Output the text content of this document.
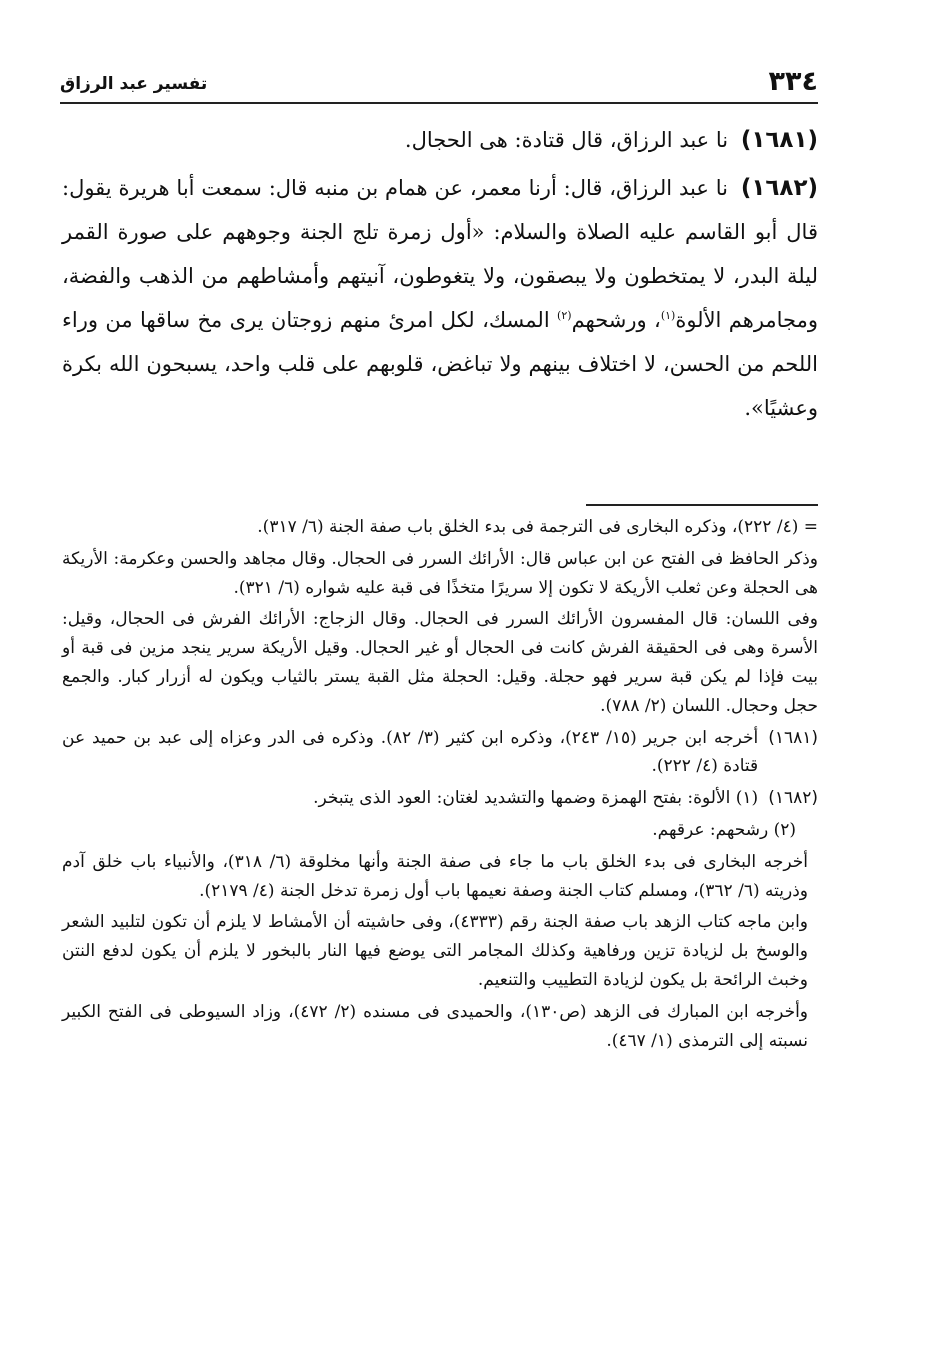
٣٣٤
تفسير عبد الرزاق

(١٦٨١) نا عبد الرزاق، قال قتادة: هى الحجال.

(١٦٨٢) نا عبد الرزاق، قال: أرنا معمر، عن همام بن منبه قال: سمعت أبا هريرة يقول: قال أبو القاسم عليه الصلاة والسلام: «أول زمرة تلج الجنة وجوههم على صورة القمر ليلة البدر، لا يمتخطون ولا يبصقون، ولا يتغوطون، آنيتهم وأمشاطهم من الذهب والفضة، ومجامرهم الألوة$^{(١)}$، ورشحهم$^{(٢)}$ المسك، لكل امرئ منهم زوجتان يرى مخ ساقها من وراء اللحم من الحسن، لا اختلاف بينهم ولا تباغض، قلوبهم على قلب واحد، يسبحون الله بكرة وعشيًا».

= (٤/ ٢٢٢)، وذكره البخارى فى الترجمة فى بدء الخلق باب صفة الجنة (٦/ ٣١٧).

وذكر الحافظ فى الفتح عن ابن عباس قال: الأرائك السرر فى الحجال. وقال مجاهد والحسن وعكرمة: الأريكة هى الحجلة وعن ثعلب الأريكة لا تكون إلا سريرًا متخذًا فى قبة عليه شواره (٦/ ٣٢١).

وفى اللسان: قال المفسرون الأرائك السرر فى الحجال. وقال الزجاج: الأرائك الفرش فى الحجال، وقيل: الأسرة وهى فى الحقيقة الفرش كانت فى الحجال أو غير الحجال. وقيل الأريكة سرير ينجد مزين فى قبة أو بيت فإذا لم يكن قبة سرير فهو حجلة. وقيل: الحجلة مثل القبة يستر بالثياب ويكون له أزرار كبار. والجمع حجل وحجال. اللسان (٢/ ٧٨٨).

(١٦٨١)
أخرجه ابن جرير (١٥/ ٢٤٣)، وذكره ابن كثير (٣/ ٨٢). وذكره فى الدر وعزاه إلى عبد بن حميد عن قتادة (٤/ ٢٢٢).
(١٦٨٢)
(١) الألوة: بفتح الهمزة وضمها والتشديد لغتان: العود الذى يتبخر.

(٢) رشحهم: عرقهم.

أخرجه البخارى فى بدء الخلق باب ما جاء فى صفة الجنة وأنها مخلوقة (٦/ ٣١٨)، والأنبياء باب خلق آدم وذريته (٦/ ٣٦٢)، ومسلم كتاب الجنة وصفة نعيمها باب أول زمرة تدخل الجنة (٤/ ٢١٧٩).

وابن ماجه كتاب الزهد باب صفة الجنة رقم (٤٣٣٣)، وفى حاشيته أن الأمشاط لا يلزم أن تكون لتلبيد الشعر والوسخ بل لزيادة تزين ورفاهية وكذلك المجامر التى يوضع فيها النار بالبخور لا يلزم أن يكون لدفع النتن وخبث الرائحة بل يكون لزيادة التطييب والتنعيم.

وأخرجه ابن المبارك فى الزهد (ص١٣٠)، والحميدى فى مسنده (٢/ ٤٧٢)، وزاد السيوطى فى الفتح الكبير نسبته إلى الترمذى (١/ ٤٦٧).
